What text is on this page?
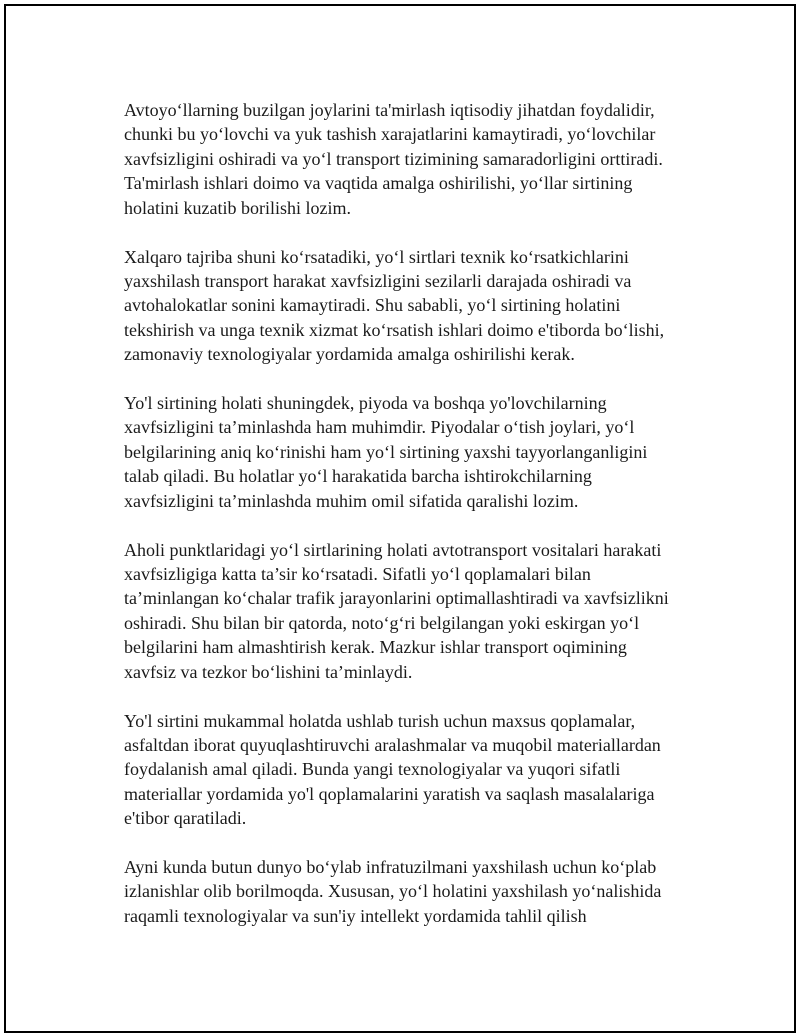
Avtoyo‘llarning buzilgan joylarini ta'mirlash iqtisodiy jihatdan foydalidir,
chunki bu yo‘lovchi va yuk tashish xarajatlarini kamaytiradi, yo‘lovchilar
xavfsizligini oshiradi va yo‘l transport tizimining samaradorligini orttiradi.
Ta'mirlash ishlari doimo va vaqtida amalga oshirilishi, yo‘llar sirtining
holatini kuzatib borilishi lozim.

Xalqaro tajriba shuni ko‘rsatadiki, yo‘l sirtlari texnik ko‘rsatkichlarini
yaxshilash transport harakat xavfsizligini sezilarli darajada oshiradi va
avtohalokatlar sonini kamaytiradi. Shu sababli, yo‘l sirtining holatini
tekshirish va unga texnik xizmat ko‘rsatish ishlari doimo e'tiborda bo‘lishi,
zamonaviy texnologiyalar yordamida amalga oshirilishi kerak.

Yo'l sirtining holati shuningdek, piyoda va boshqa yo'lovchilarning
xavfsizligini ta’minlashda ham muhimdir. Piyodalar o‘tish joylari, yo‘l
belgilarining aniq ko‘rinishi ham yo‘l sirtining yaxshi tayyorlanganligini
talab qiladi. Bu holatlar yo‘l harakatida barcha ishtirokchilarning
xavfsizligini ta’minlashda muhim omil sifatida qaralishi lozim.

Aholi punktlaridagi yo‘l sirtlarining holati avtotransport vositalari harakati
xavfsizligiga katta ta’sir ko‘rsatadi. Sifatli yo‘l qoplamalari bilan
ta’minlangan ko‘chalar trafik jarayonlarini optimallashtiradi va xavfsizlikni
oshiradi. Shu bilan bir qatorda, noto‘g‘ri belgilangan yoki eskirgan yo‘l
belgilarini ham almashtirish kerak. Mazkur ishlar transport oqimining
xavfsiz va tezkor bo‘lishini ta’minlaydi.

Yo'l sirtini mukammal holatda ushlab turish uchun maxsus qoplamalar,
asfaltdan iborat quyuqlashtiruvchi aralashmalar va muqobil materiallardan
foydalanish amal qiladi. Bunda yangi texnologiyalar va yuqori sifatli
materiallar yordamida yo'l qoplamalarini yaratish va saqlash masalalariga
e'tibor qaratiladi.

Ayni kunda butun dunyo bo‘ylab infratuzilmani yaxshilash uchun ko‘plab
izlanishlar olib borilmoqda. Xususan, yo‘l holatini yaxshilash yo‘nalishida
raqamli texnologiyalar va sun'iy intellekt yordamida tahlil qilish
